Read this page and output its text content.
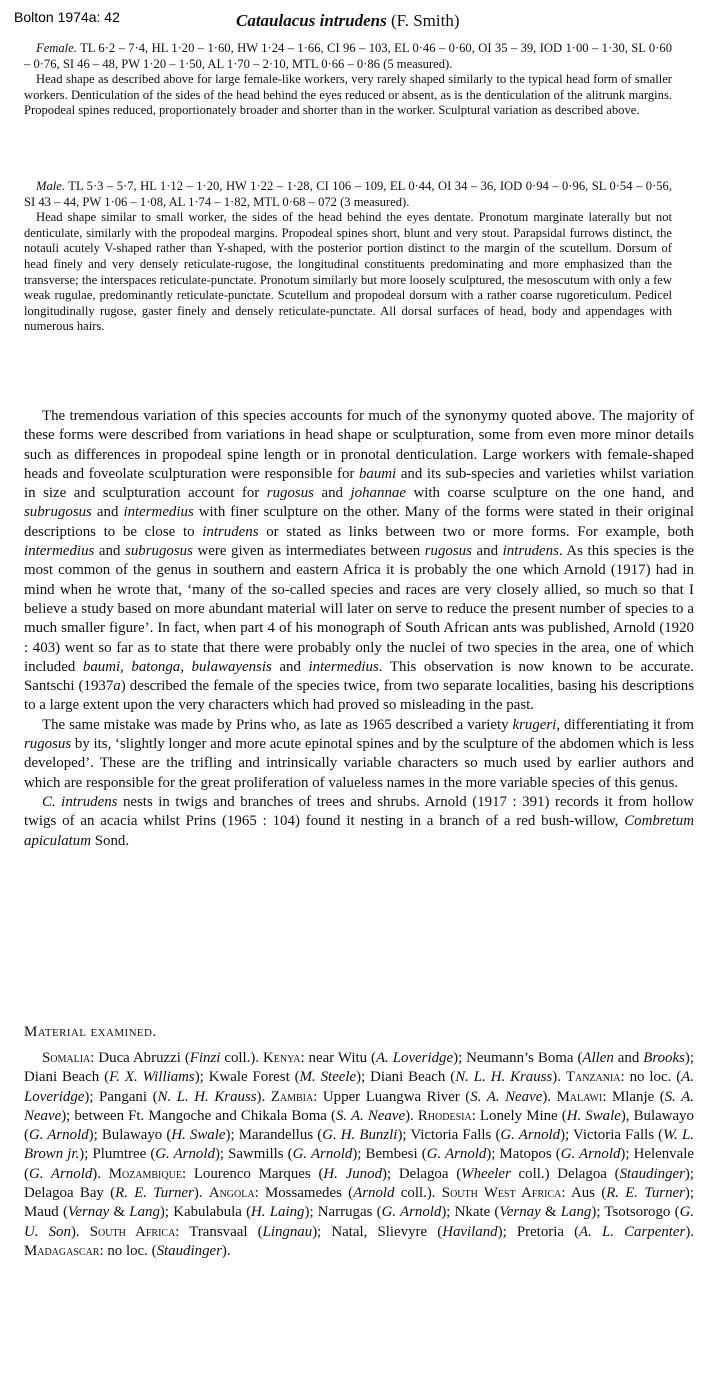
Bolton 1974a: 42	Cataulacus intrudens (F. Smith)

Female. TL 6·2 – 7·4, HL 1·20 – 1·60, HW 1·24 – 1·66, CI 96 – 103, EL 0·46 – 0·60, OI 35 – 39, IOD 1·00 – 1·30, SL 0·60 – 0·76, SI 46 – 48, PW 1·20 – 1·50, AL 1·70 – 2·10, MTL 0·66 – 0·86 (5 measured).

Head shape as described above for large female-like workers, very rarely shaped similarly to the typical head form of smaller workers. Denticulation of the sides of the head behind the eyes reduced or absent, as is the denticulation of the alitrunk margins. Propodeal spines reduced, proportionately broader and shorter than in the worker. Sculptural variation as described above.

Male. TL 5·3 – 5·7, HL 1·12 – 1·20, HW 1·22 – 1·28, CI 106 – 109, EL 0·44, OI 34 – 36, IOD 0·94 – 0·96, SL 0·54 – 0·56, SI 43 – 44, PW 1·06 – 1·08, AL 1·74 – 1·82, MTL 0·68 – 072 (3 measured).

Head shape similar to small worker, the sides of the head behind the eyes dentate. Pronotum marginate laterally but not denticulate, similarly with the propodeal margins. Propodeal spines short, blunt and very stout. Parapsidal furrows distinct, the notauli acutely V-shaped rather than Y-shaped, with the posterior portion distinct to the margin of the scutellum. Dorsum of head finely and very densely reticulate-rugose, the longitudinal constituents predominating and more emphasized than the transverse; the interspaces reticulate-punctate. Pronotum similarly but more loosely sculptured, the mesoscutum with only a few weak rugulae, predominantly reticulate-punctate. Scutellum and propodeal dorsum with a rather coarse rugoreticulum. Pedicel longitudinally rugose, gaster finely and densely reticulate-punctate. All dorsal surfaces of head, body and appendages with numerous hairs.

The tremendous variation of this species accounts for much of the synonymy quoted above. The majority of these forms were described from variations in head shape or sculpturation, some from even more minor details such as differences in propodeal spine length or in pronotal denticulation. Large workers with female-shaped heads and foveolate sculpturation were responsible for baumi and its sub-species and varieties whilst variation in size and sculpturation account for rugosus and johannae with coarse sculpture on the one hand, and subrugosus and intermedius with finer sculpture on the other. Many of the forms were stated in their original descriptions to be close to intrudens or stated as links between two or more forms. For example, both intermedius and subrugosus were given as intermediates between rugosus and intrudens. As this species is the most common of the genus in southern and eastern Africa it is probably the one which Arnold (1917) had in mind when he wrote that, ‘many of the so-called species and races are very closely allied, so much so that I believe a study based on more abundant material will later on serve to reduce the present number of species to a much smaller figure’. In fact, when part 4 of his monograph of South African ants was published, Arnold (1920 : 403) went so far as to state that there were probably only the nuclei of two species in the area, one of which included baumi, batonga, bulawayensis and intermedius. This observation is now known to be accurate. Santschi (1937a) described the female of the species twice, from two separate localities, basing his descriptions to a large extent upon the very characters which had proved so misleading in the past.

The same mistake was made by Prins who, as late as 1965 described a variety krugeri, differentiating it from rugosus by its, ‘slightly longer and more acute epinotal spines and by the sculpture of the abdomen which is less developed’. These are the trifling and intrinsically variable characters so much used by earlier authors and which are responsible for the great proliferation of valueless names in the more variable species of this genus.

C. intrudens nests in twigs and branches of trees and shrubs. Arnold (1917 : 391) records it from hollow twigs of an acacia whilst Prins (1965 : 104) found it nesting in a branch of a red bush-willow, Combretum apiculatum Sond.

Material examined.

Somalia: Duca Abruzzi (Finzi coll.). Kenya: near Witu (A. Loveridge); Neumann’s Boma (Allen and Brooks); Diani Beach (F. X. Williams); Kwale Forest (M. Steele); Diani Beach (N. L. H. Krauss). Tanzania: no loc. (A. Loveridge); Pangani (N. L. H. Krauss). Zambia: Upper Luangwa River (S. A. Neave). Malawi: Mlanje (S. A. Neave); between Ft. Mangoche and Chikala Boma (S. A. Neave). Rhodesia: Lonely Mine (H. Swale), Bulawayo (G. Arnold); Bulawayo (H. Swale); Marandellus (G. H. Bunzli); Victoria Falls (G. Arnold); Victoria Falls (W. L. Brown jr.); Plumtree (G. Arnold); Sawmills (G. Arnold); Bembesi (G. Arnold); Matopos (G. Arnold); Helenvale (G. Arnold). Mozambique: Lourenco Marques (H. Junod); Delagoa (Wheeler coll.) Delagoa (Staudinger); Delagoa Bay (R. E. Turner). Angola: Mossamedes (Arnold coll.). South West Africa: Aus (R. E. Turner); Maud (Vernay & Lang); Kabulabula (H. Laing); Narrugas (G. Arnold); Nkate (Vernay & Lang); Tsotsorogo (G. U. Son). South Africa: Transvaal (Lingnau); Natal, Slievyre (Haviland); Pretoria (A. L. Carpenter). Madagascar: no loc. (Staudinger).
